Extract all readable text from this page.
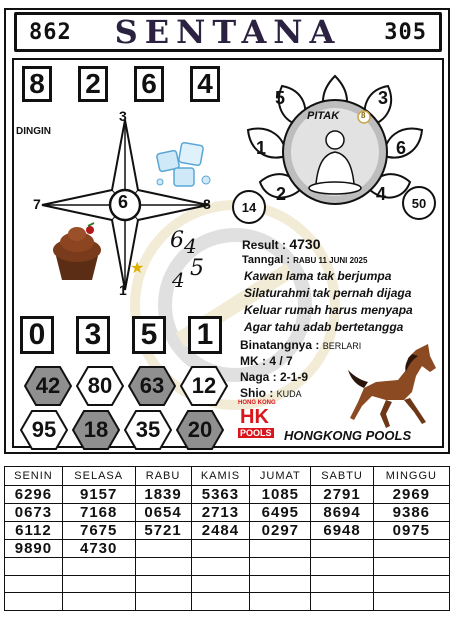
862 SENTANA 305
8 2 6 4
DINGIN
3
7	6	8
1
6 4
5
4
★
PITAK	8
5	3
1	6
2	4
14	50
Result : 4730
Tanngal : RABU 11 JUNI 2025
Kawan lama tak berjumpa
Silaturahmi tak pernah dijaga
Keluar rumah harus menyapa
Agar tahu adab bertetangga
Binatangnya : BERLARI
MK : 4 / 7
Naga : 2-1-9
Shio : KUDA
0 3 5 1
42 80 63 12
95 18 35 20
HONG KONG
HK
POOLS HONGKONG POOLS
SENIN	SELASA	RABU	KAMIS	JUMAT	SABTU	MINGGU
6296	9157	1839	5363	1085	2791	2969
0673	7168	0654	2713	6495	8694	9386
6112	7675	5721	2484	0297	6948	0975
9890	4730					
